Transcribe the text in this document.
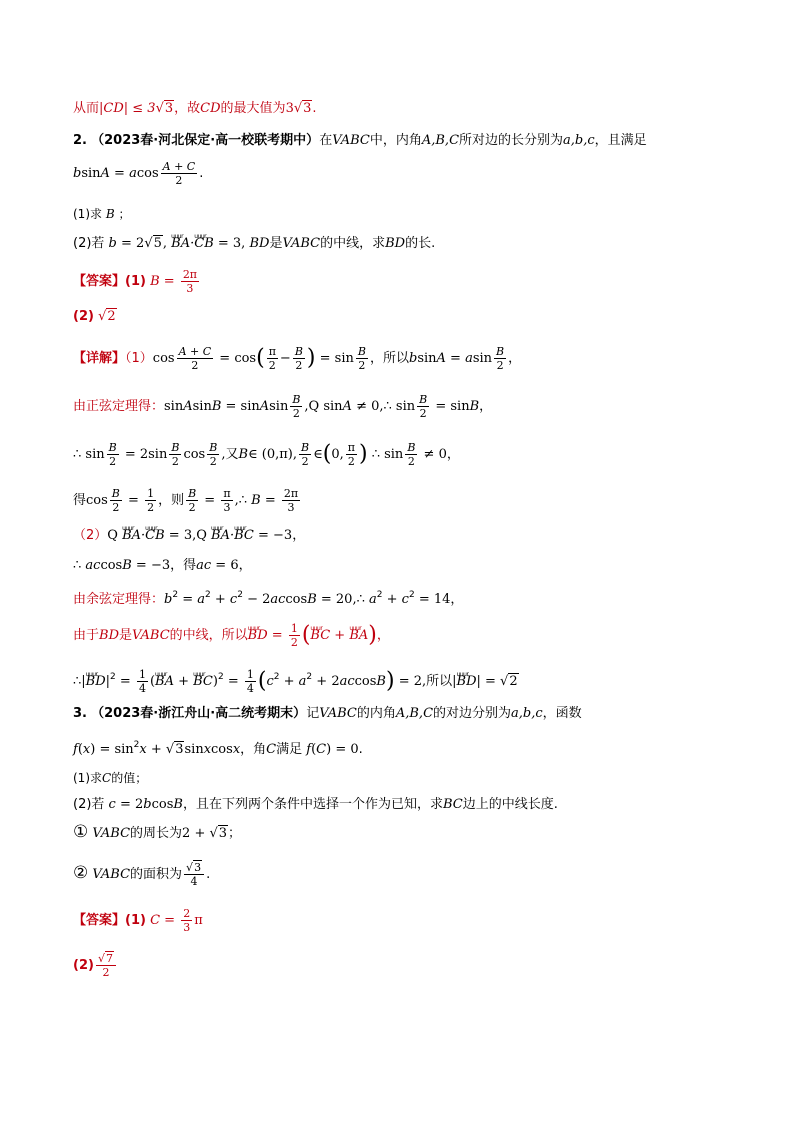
从而|CD| ≤ 3√3，故CD的最大值为3√3.
2. （2023春·河北保定·高一校联考期中）在VABC中，内角A,B,C所对边的长分别为a,b,c，且满足
bsinA = acos $\frac{A + C}{2}$ .
(1)求 B ；
(2)若 b = 2√5, uuur BA·uuur CB = 3, BD是VABC的中线，求BD的长.
【答案】(1) $B = \frac{2\pi}{3}$
(2) √2
【详解】$(1)\cos \frac{A + C}{2} = \cos( \frac{\pi}{2} - \frac{B}{2}$ ) = $\sin \frac{B}{2}$ ，所以bsinA = asin $\frac{B}{2}$ ，
由正弦定理得：sinAsinB = sinAsin $\frac{B}{2} ,Q$ sinA ≠ 0,∴ $\sin \frac{B}{2} = \sin B$，
∴ $\sin \frac{B}{2} = 2\sin \frac{B}{2}$ $\cos \frac{B}{2}$ ,又B∈ (0,π), $\frac{B}{2}$ ∈(0, $\frac{\pi}{2}$ ) ∴ $\sin \frac{B}{2} \ne 0$，
得$\cos \frac{B}{2} = \frac{1}{2}$ ，则 $\frac{B}{2} = \frac{\pi}{3}$ ,∴ $B = \frac{2\pi}{3}$
（2）Q uuur BA·uuur CB = 3,Q uuur BA·uuur BC = −3，
∴ accosB = −3，得ac = 6，
由余弦定理得：$b^2 = a^2 + c^2 - 2accosB$ = 20,∴ $a^2 + c^2 = 14$，
由于BD是VABC的中线，所以uuur BD = $\frac{1}{2}$ (uuur BC + uuur BA)，
∴|uuur $BD|^2 = \frac{1}{4}$ (uuur BA + uuur $BC)^2 = \frac{1}{4} (c^2 + a^2 + 2accosB) = 2$,所以|uuur BD| = √2
3. （2023春·浙江舟山·高二统考期末）记VABC的内角A,B,C的对边分别为a,b,c，函数
$f(x) = \sin^2x$ + √3sinxcosx，角C满足 f(C) = 0.
(1)求C的值；
(2)若 c = 2bcosB，且在下列两个条件中选择一个作为已知，求BC边上的中线长度.
① VABC的周长为2 + √3；
② VABC的面积为 $\frac{√3}{4}$ .
【答案】(1) $C = \frac{2}{3}$ π
$(2) \frac{√7}{2}$
